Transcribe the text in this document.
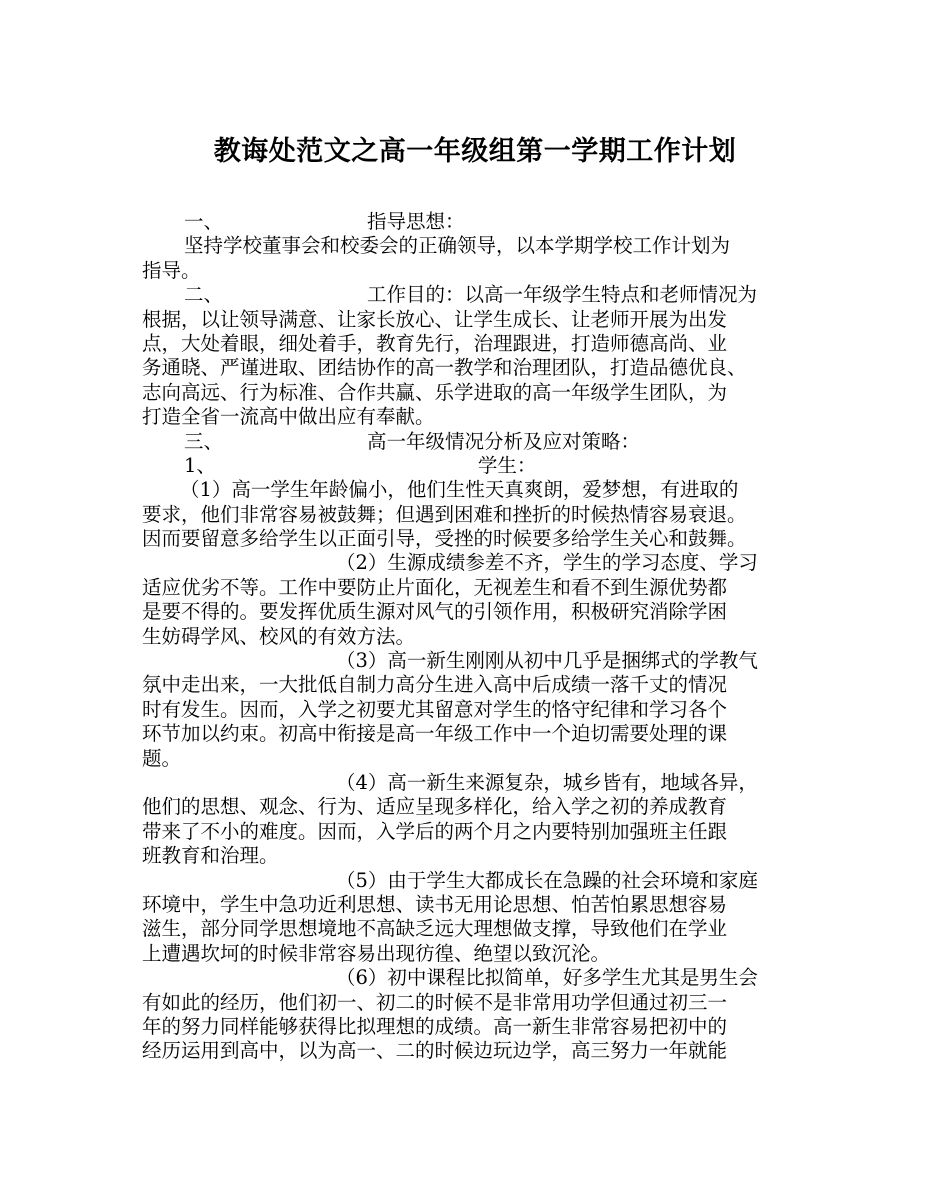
教诲处范文之高一年级组第一学期工作计划
一、	指导思想：
坚持学校董事会和校委会的正确领导，以本学期学校工作计划为
指导。
二、	工作目的：以高一年级学生特点和老师情况为
根据，以让领导满意、让家长放心、让学生成长、让老师开展为出发
点，大处着眼，细处着手，教育先行，治理跟进，打造师德高尚、业
务通晓、严谨进取、团结协作的高一教学和治理团队，打造品德优良、
志向高远、行为标准、合作共赢、乐学进取的高一年级学生团队，为
打造全省一流高中做出应有奉献。
三、	高一年级情况分析及应对策略：
1、	学生：
（1）高一学生年龄偏小，他们生性天真爽朗，爱梦想，有进取的
要求，他们非常容易被鼓舞；但遇到困难和挫折的时候热情容易衰退。
因而要留意多给学生以正面引导，受挫的时候要多给学生关心和鼓舞。
（2）生源成绩参差不齐，学生的学习态度、学习
适应优劣不等。工作中要防止片面化，无视差生和看不到生源优势都
是要不得的。要发挥优质生源对风气的引领作用，积极研究消除学困
生妨碍学风、校风的有效方法。
（3）高一新生刚刚从初中几乎是捆绑式的学教气
氛中走出来，一大批低自制力高分生进入高中后成绩一落千丈的情况
时有发生。因而，入学之初要尤其留意对学生的恪守纪律和学习各个
环节加以约束。初高中衔接是高一年级工作中一个迫切需要处理的课
题。
（4）高一新生来源复杂，城乡皆有，地域各异，
他们的思想、观念、行为、适应呈现多样化，给入学之初的养成教育
带来了不小的难度。因而，入学后的两个月之内要特别加强班主任跟
班教育和治理。
（5）由于学生大都成长在急躁的社会环境和家庭
环境中，学生中急功近利思想、读书无用论思想、怕苦怕累思想容易
滋生，部分同学思想境地不高缺乏远大理想做支撑，导致他们在学业
上遭遇坎坷的时候非常容易出现彷徨、绝望以致沉沦。
（6）初中课程比拟简单，好多学生尤其是男生会
有如此的经历，他们初一、初二的时候不是非常用功学但通过初三一
年的努力同样能够获得比拟理想的成绩。高一新生非常容易把初中的
经历运用到高中，以为高一、二的时候边玩边学，高三努力一年就能
